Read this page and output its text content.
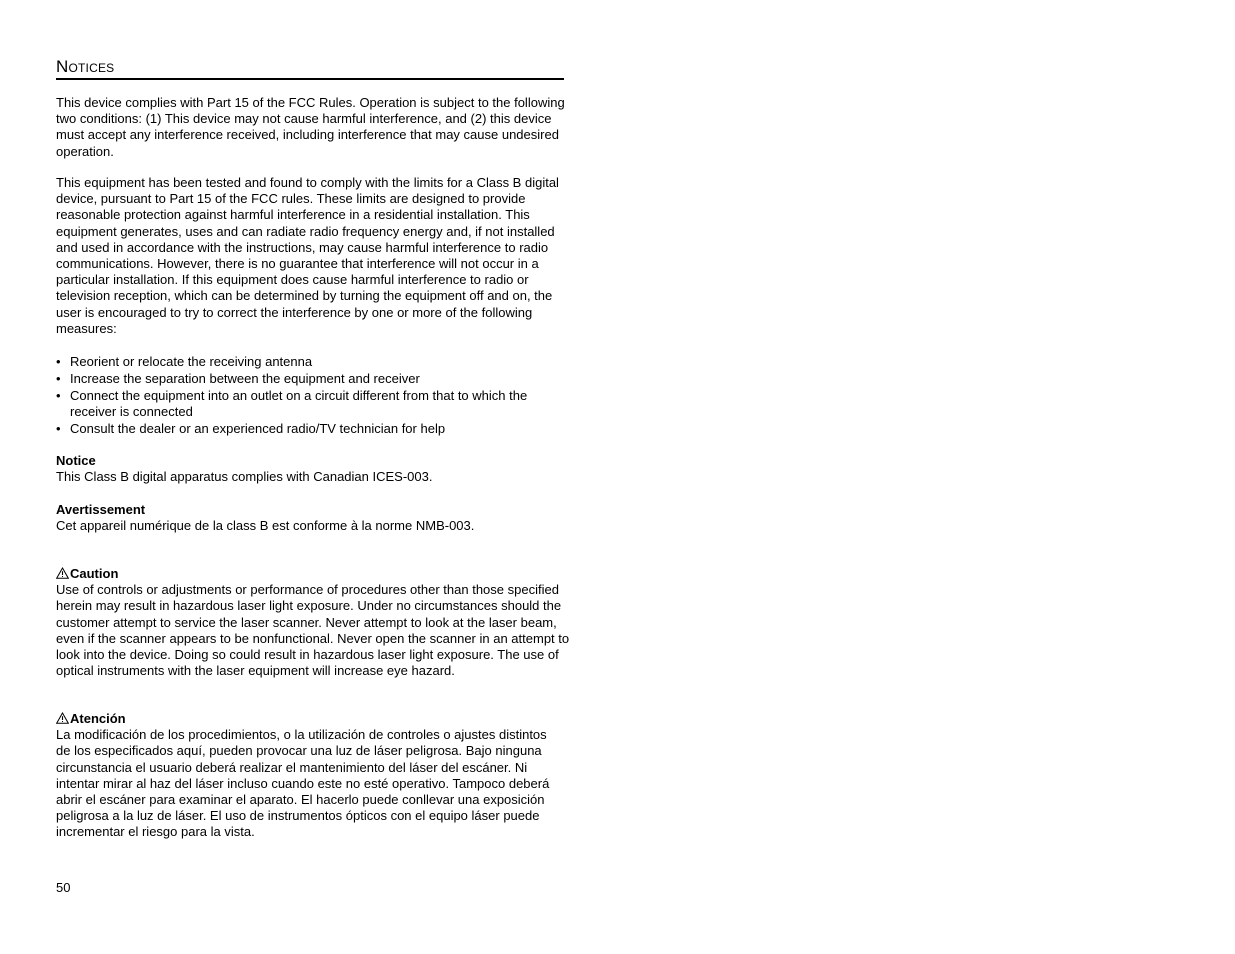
Notices

This device complies with Part 15 of the FCC Rules. Operation is subject to the following two conditions: (1) This device may not cause harmful interference, and (2) this device must accept any interference received, including interference that may cause undesired operation.

This equipment has been tested and found to comply with the limits for a Class B digital device, pursuant to Part 15 of the FCC rules. These limits are designed to provide reasonable protection against harmful interference in a residential installation. This equipment generates, uses and can radiate radio frequency energy and, if not installed and used in accordance with the instructions, may cause harmful interference to radio communications. However, there is no guarantee that interference will not occur in a particular installation. If this equipment does cause harmful interference to radio or television reception, which can be determined by turning the equipment off and on, the user is encouraged to try to correct the interference by one or more of the following measures:

• Reorient or relocate the receiving antenna
• Increase the separation between the equipment and receiver
• Connect the equipment into an outlet on a circuit different from that to which the receiver is connected
• Consult the dealer or an experienced radio/TV technician for help

Notice

This Class B digital apparatus complies with Canadian ICES-003.

Avertissement

Cet appareil numérique de la class B est conforme à la norme NMB-003.

Caution

Use of controls or adjustments or performance of procedures other than those specified herein may result in hazardous laser light exposure. Under no circumstances should the customer attempt to service the laser scanner. Never attempt to look at the laser beam, even if the scanner appears to be nonfunctional. Never open the scanner in an attempt to look into the device. Doing so could result in hazardous laser light exposure. The use of optical instruments with the laser equipment will increase eye hazard.

Atención

La modificación de los procedimientos, o la utilización de controles o ajustes distintos de los especificados aquí, pueden provocar una luz de láser peligrosa. Bajo ninguna circunstancia el usuario deberá realizar el mantenimiento del láser del escáner. Ni intentar mirar al haz del láser incluso cuando este no esté operativo. Tampoco deberá abrir el escáner para examinar el aparato. El hacerlo puede conllevar una exposición peligrosa a la luz de láser. El uso de instrumentos ópticos con el equipo láser puede incrementar el riesgo para la vista.

50
